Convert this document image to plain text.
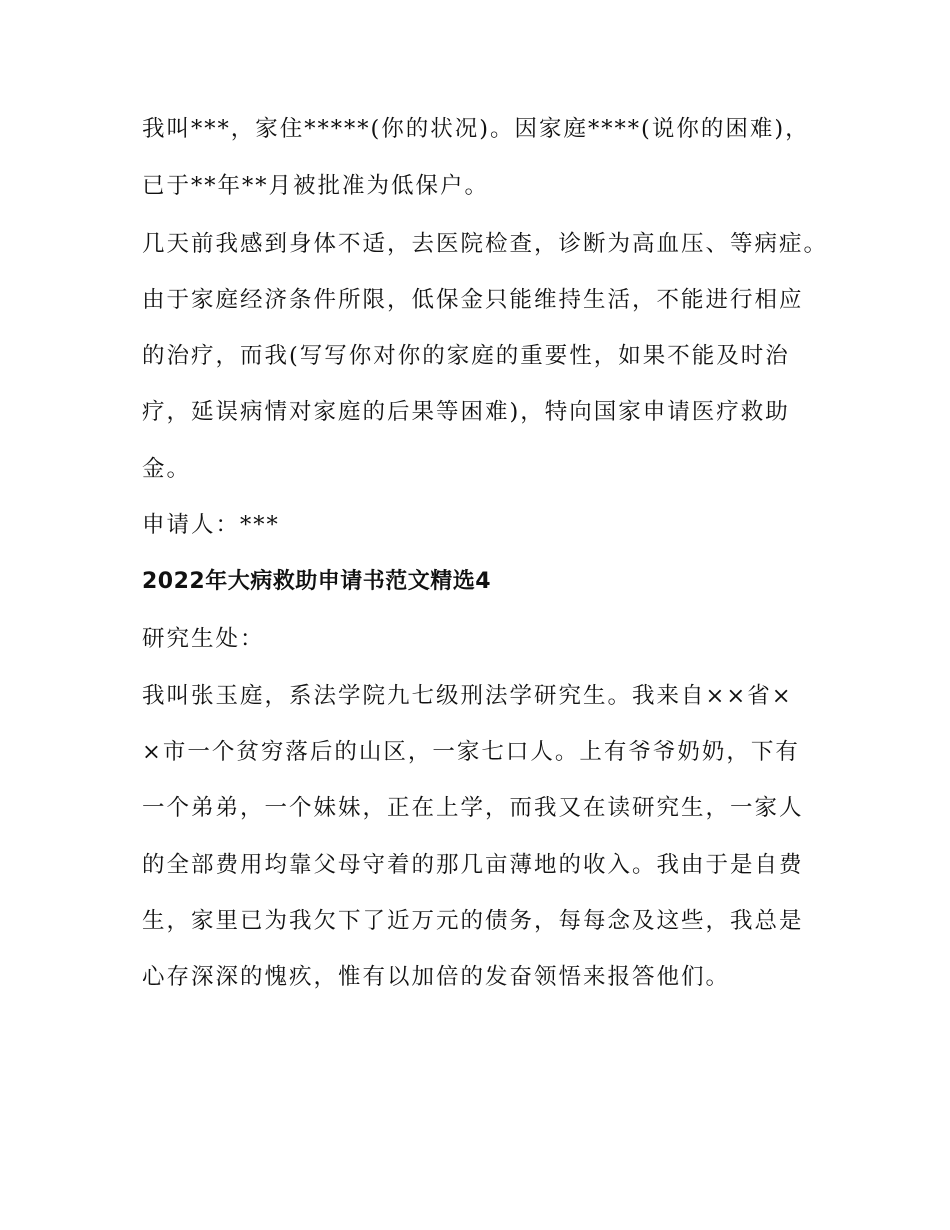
我叫***，家住*****(你的状况)。因家庭****(说你的困难)，

已于**年**月被批准为低保户。

几天前我感到身体不适，去医院检查，诊断为高血压、等病症。

由于家庭经济条件所限，低保金只能维持生活，不能进行相应

的治疗，而我(写写你对你的家庭的重要性，如果不能及时治

疗，延误病情对家庭的后果等困难)，特向国家申请医疗救助

金。

申请人：***

2022年大病救助申请书范文精选4

研究生处：

我叫张玉庭，系法学院九七级刑法学研究生。我来自××省×

×市一个贫穷落后的山区，一家七口人。上有爷爷奶奶，下有

一个弟弟，一个妹妹，正在上学，而我又在读研究生，一家人

的全部费用均靠父母守着的那几亩薄地的收入。我由于是自费

生，家里已为我欠下了近万元的债务，每每念及这些，我总是

心存深深的愧疚，惟有以加倍的发奋领悟来报答他们。
